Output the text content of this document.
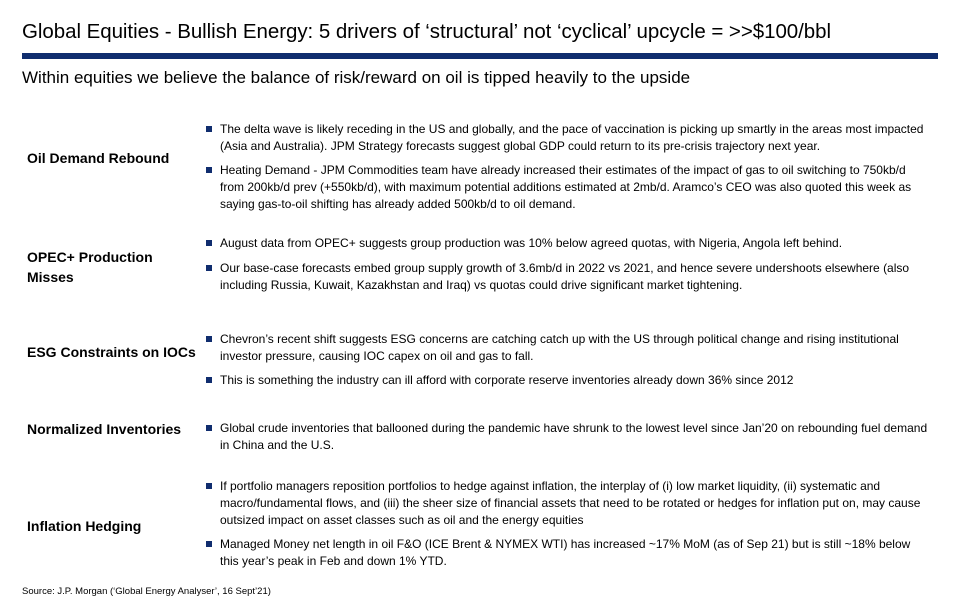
Global Equities - Bullish Energy: 5 drivers of ‘structural’ not ‘cyclical’ upcycle = >>$100/bbl
Within equities we believe the balance of risk/reward on oil is tipped heavily to the upside
Oil Demand Rebound
The delta wave is likely receding in the US and globally, and the pace of vaccination is picking up smartly in the areas most impacted (Asia and Australia). JPM Strategy forecasts suggest global GDP could return to its pre-crisis trajectory next year.
Heating Demand - JPM Commodities team have already increased their estimates of the impact of gas to oil switching to 750kb/d from 200kb/d prev (+550kb/d), with maximum potential additions estimated at 2mb/d. Aramco’s CEO was also quoted this week as saying gas-to-oil shifting has already added 500kb/d to oil demand.
OPEC+ Production Misses
August data from OPEC+ suggests group production was 10% below agreed quotas, with Nigeria, Angola left behind.
Our base-case forecasts embed group supply growth of 3.6mb/d in 2022 vs 2021, and hence severe undershoots elsewhere (also including Russia, Kuwait, Kazakhstan and Iraq) vs quotas could drive significant market tightening.
ESG Constraints on IOCs
Chevron’s recent shift suggests ESG concerns are catching catch up with the US through political change and rising institutional investor pressure, causing IOC capex on oil and gas to fall.
This is something the industry can ill afford with corporate reserve inventories already down 36% since 2012
Normalized Inventories	Global crude inventories that ballooned during the pandemic have shrunk to the lowest level since Jan’20 on rebounding fuel demand in China and the U.S.
Inflation Hedging
If portfolio managers reposition portfolios to hedge against inflation, the interplay of (i) low market liquidity, (ii) systematic and macro/fundamental flows, and (iii) the sheer size of financial assets that need to be rotated or hedges for inflation put on, may cause outsized impact on asset classes such as oil and the energy equities
Managed Money net length in oil F&O (ICE Brent & NYMEX WTI) has increased ~17% MoM (as of Sep 21) but is still ~18% below this year’s peak in Feb and down 1% YTD.
Source: J.P. Morgan (‘Global Energy Analyser’, 16 Sept’21)
